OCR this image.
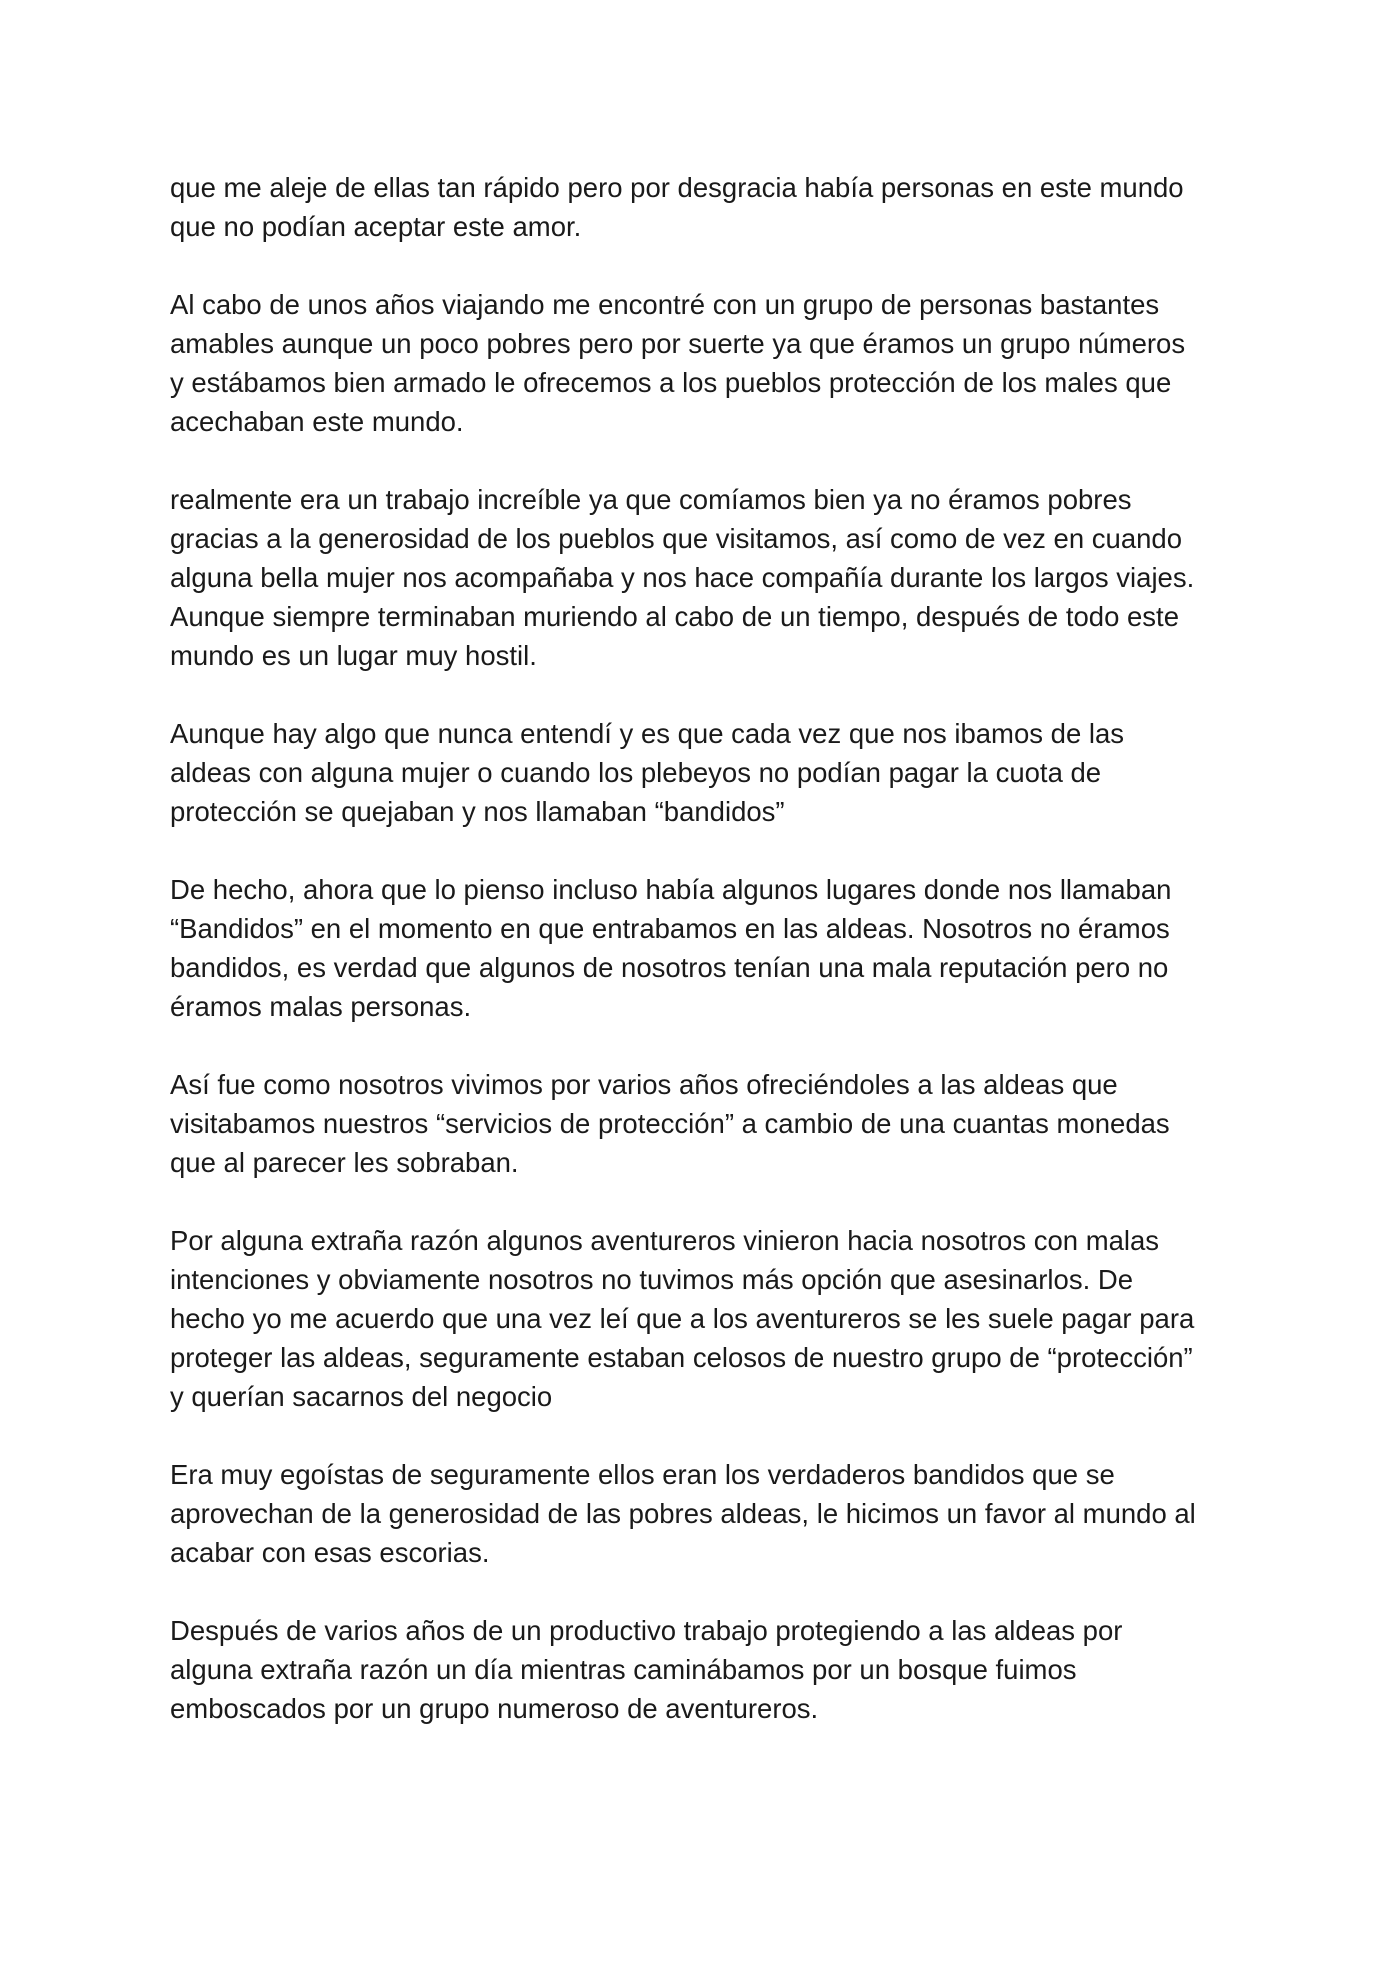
que me aleje de ellas tan rápido pero por desgracia había personas en este mundo
que no podían aceptar este amor.

Al cabo de unos años viajando me encontré con un grupo de personas bastantes
amables aunque un poco pobres pero por suerte ya que éramos un grupo números
y estábamos bien armado le ofrecemos a los pueblos protección de los males que
acechaban este mundo.

realmente era un trabajo increíble ya que comíamos bien ya no éramos pobres
gracias a la generosidad de los pueblos que visitamos, así como de vez en cuando
alguna bella mujer nos acompañaba y nos hace compañía durante los largos viajes.
Aunque siempre terminaban muriendo al cabo de un tiempo, después de todo este
mundo es un lugar muy hostil.

Aunque hay algo que nunca entendí y es que cada vez que nos ibamos de las
aldeas con alguna mujer o cuando los plebeyos no podían pagar la cuota de
protección se quejaban y nos llamaban “bandidos”

De hecho, ahora que lo pienso incluso había algunos lugares donde nos llamaban
“Bandidos” en el momento en que entrabamos en las aldeas. Nosotros no éramos
bandidos, es verdad que algunos de nosotros tenían una mala reputación pero no
éramos malas personas.

Así fue como nosotros vivimos por varios años ofreciéndoles a las aldeas que
visitabamos nuestros “servicios de protección” a cambio de una cuantas monedas
que al parecer les sobraban.

Por alguna extraña razón algunos aventureros vinieron hacia nosotros con malas
intenciones y obviamente nosotros no tuvimos más opción que asesinarlos. De
hecho yo me acuerdo que una vez leí que a los aventureros se les suele pagar para
proteger las aldeas, seguramente estaban celosos de nuestro grupo de “protección”
y querían sacarnos del negocio

Era muy egoístas de seguramente ellos eran los verdaderos bandidos que se
aprovechan de la generosidad de las pobres aldeas, le hicimos un favor al mundo al
acabar con esas escorias.

Después de varios años de un productivo trabajo protegiendo a las aldeas por
alguna extraña razón un día mientras caminábamos por un bosque fuimos
emboscados por un grupo numeroso de aventureros.
